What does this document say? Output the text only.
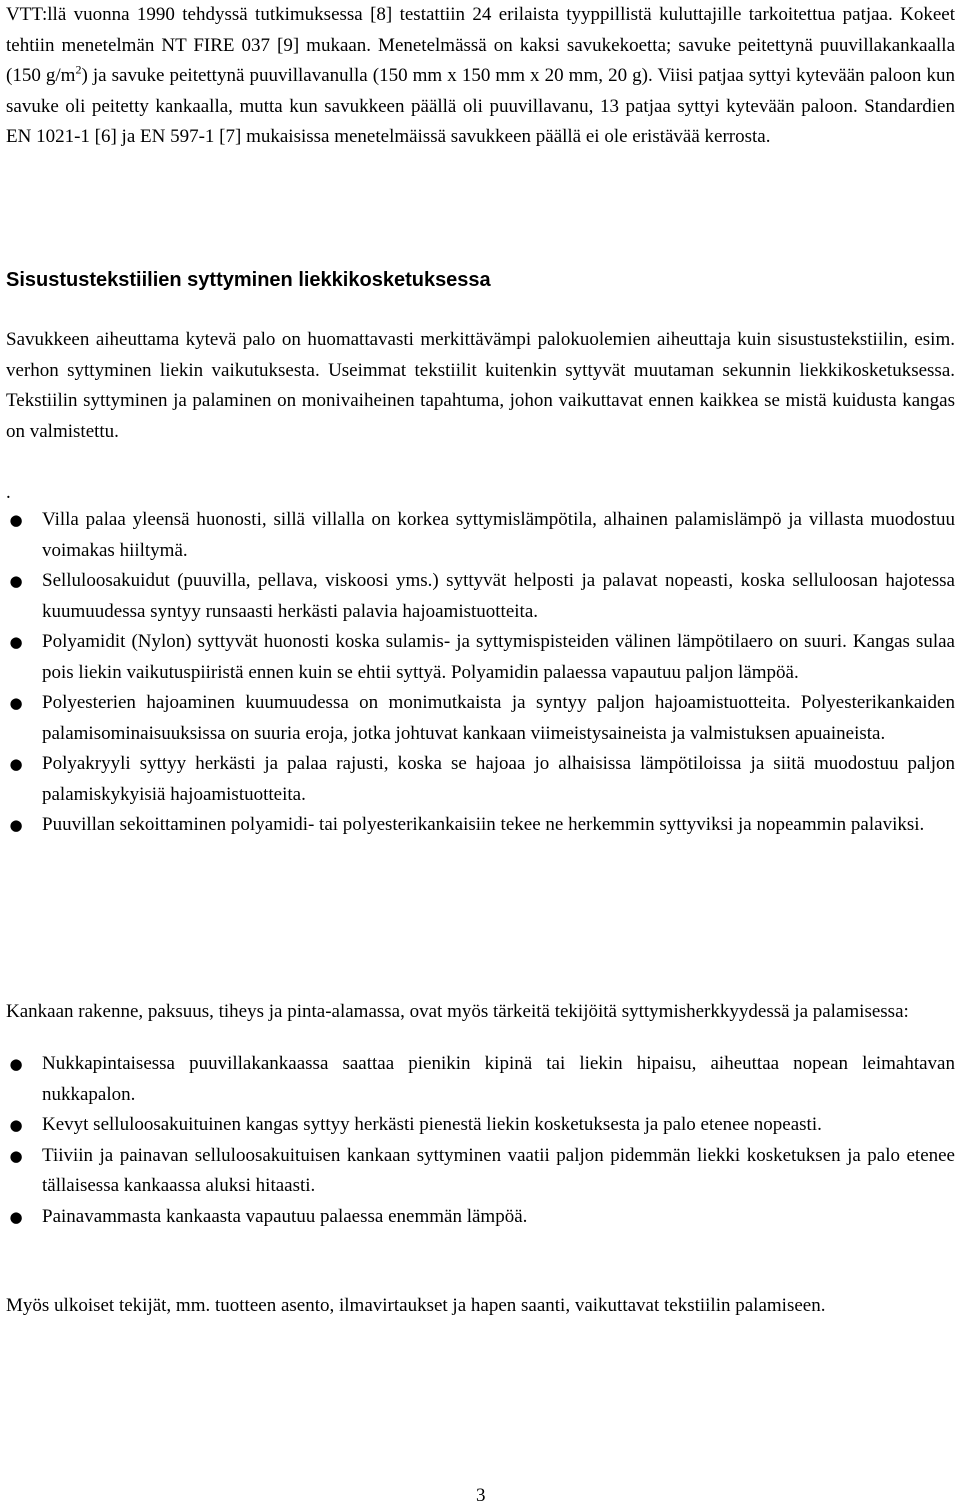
VTT:llä vuonna 1990 tehdyssä tutkimuksessa [8] testattiin 24 erilaista tyyppillistä kuluttajille tarkoitettua patjaa. Kokeet tehtiin menetelmän NT FIRE 037 [9] mukaan. Menetelmässä on kaksi savukekoetta; savuke peitettynä puuvillakankaalla (150 $g/m^2$) ja savuke peitettynä puuvillavanulla (150 mm x 150 mm x 20 mm, 20 g). Viisi patjaa syttyi kytevään paloon kun savuke oli peitetty kankaalla, mutta kun savukkeen päällä oli puuvillavanu, 13 patjaa syttyi kytevään paloon. Standardien EN 1021-1 [6] ja EN 597-1 [7] mukaisissa menetelmäissä savukkeen päällä ei ole eristävää kerrosta.

Sisustustekstiilien syttyminen liekkikosketuksessa

Savukkeen aiheuttama kytevä palo on huomattavasti merkittävämpi palokuolemien aiheuttaja kuin sisustustekstiilin, esim. verhon syttyminen liekin vaikutuksesta. Useimmat tekstiilit kuitenkin syttyvät muutaman sekunnin liekkikosketuksessa. Tekstiilin syttyminen ja palaminen on monivaiheinen tapahtuma, johon vaikuttavat ennen kaikkea se mistä kuidusta kangas on valmistettu.

.
● Villa palaa yleensä huonosti, sillä villalla on korkea syttymislämpötila, alhainen palamislämpö ja villasta muodostuu voimakas hiiltymä.
● Selluloosakuidut (puuvilla, pellava, viskoosi yms.) syttyvät helposti ja palavat nopeasti, koska selluloosan hajotessa kuumuudessa syntyy runsaasti herkästi palavia hajoamistuotteita.
● Polyamidit (Nylon) syttyvät huonosti koska sulamis- ja syttymispisteiden välinen lämpötilaero on suuri. Kangas sulaa pois liekin vaikutuspiiristä ennen kuin se ehtii syttyä. Polyamidin palaessa vapautuu paljon lämpöä.
● Polyesterien hajoaminen kuumuudessa on monimutkaista ja syntyy paljon hajoamistuotteita. Polyesterikankaiden palamisominaisuuksissa on suuria eroja, jotka johtuvat kankaan viimeistysaineista ja valmistuksen apuaineista.
● Polyakryyli syttyy herkästi ja palaa rajusti, koska se hajoaa jo alhaisissa lämpötiloissa ja siitä muodostuu paljon palamiskykyisiä hajoamistuotteita.
● Puuvillan sekoittaminen polyamidi- tai polyesterikankaisiin tekee ne herkemmin syttyviksi ja nopeammin palaviksi.

Kankaan rakenne, paksuus, tiheys ja pinta-alamassa, ovat myös tärkeitä tekijöitä syttymisherkkyydessä ja palamisessa:

● Nukkapintaisessa puuvillakankaassa saattaa pienikin kipinä tai liekin hipaisu, aiheuttaa nopean leimahtavan nukkapalon.
● Kevyt selluloosakuituinen kangas syttyy herkästi pienestä liekin kosketuksesta ja palo etenee nopeasti.
● Tiiviin ja painavan selluloosakuituisen kankaan syttyminen vaatii paljon pidemmän liekki kosketuksen ja palo etenee tällaisessa kankaassa aluksi hitaasti.
● Painavammasta kankaasta vapautuu palaessa enemmän lämpöä.

Myös ulkoiset tekijät, mm. tuotteen asento, ilmavirtaukset ja hapen saanti, vaikuttavat tekstiilin palamiseen.

3
